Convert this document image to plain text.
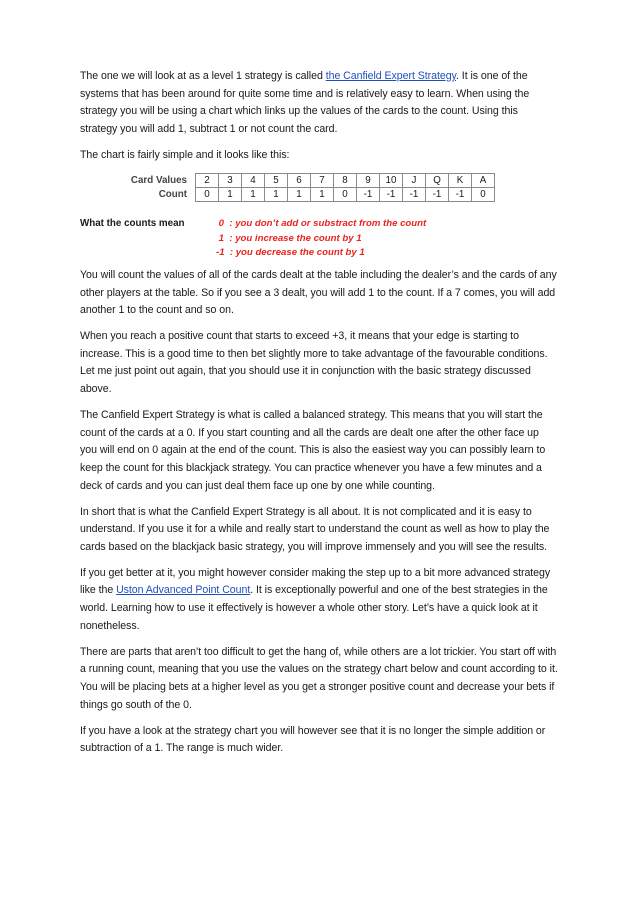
The one we will look at as a level 1 strategy is called the Canfield Expert Strategy. It is one of the systems that has been around for quite some time and is relatively easy to learn. When using the strategy you will be using a chart which links up the values of the cards to the count. Using this strategy you will add 1, subtract 1 or not count the card.

The chart is fairly simple and it looks like this:

Card Values	2	3	4	5	6	7	8	9	10	J	Q	K	A
Count	0	1	1	1	1	1	0	-1	-1	-1	-1	-1	0
What the counts mean	0  : you don’t add or substract from the count
1  : you increase the count by 1
-1  : you decrease the count by 1

You will count the values of all of the cards dealt at the table including the dealer’s and the cards of any other players at the table. So if you see a 3 dealt, you will add 1 to the count. If a 7 comes, you will add another 1 to the count and so on.

When you reach a positive count that starts to exceed +3, it means that your edge is starting to increase. This is a good time to then bet slightly more to take advantage of the favourable conditions. Let me just point out again, that you should use it in conjunction with the basic strategy discussed above.

The Canfield Expert Strategy is what is called a balanced strategy. This means that you will start the count of the cards at a 0. If you start counting and all the cards are dealt one after the other face up you will end on 0 again at the end of the count. This is also the easiest way you can possibly learn to keep the count for this blackjack strategy. You can practice whenever you have a few minutes and a deck of cards and you can just deal them face up one by one while counting.

In short that is what the Canfield Expert Strategy is all about. It is not complicated and it is easy to understand. If you use it for a while and really start to understand the count as well as how to play the cards based on the blackjack basic strategy, you will improve immensely and you will see the results.

If you get better at it, you might however consider making the step up to a bit more advanced strategy like the Uston Advanced Point Count. It is exceptionally powerful and one of the best strategies in the world. Learning how to use it effectively is however a whole other story. Let’s have a quick look at it nonetheless.

There are parts that aren’t too difficult to get the hang of, while others are a lot trickier. You start off with a running count, meaning that you use the values on the strategy chart below and count according to it. You will be placing bets at a higher level as you get a stronger positive count and decrease your bets if things go south of the 0.

If you have a look at the strategy chart you will however see that it is no longer the simple addition or subtraction of a 1. The range is much wider.
